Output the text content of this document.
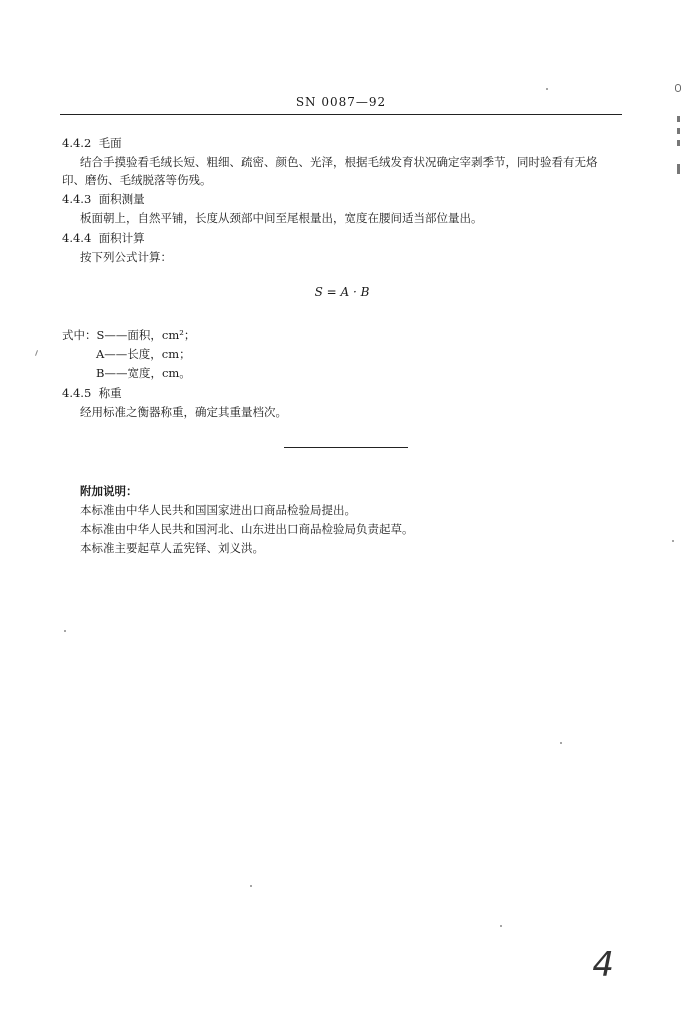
SN 0087—92
4.4.2 毛面
结合手摸验看毛绒长短、粗细、疏密、颜色、光泽，根据毛绒发育状况确定宰剥季节，同时验看有无烙
印、磨伤、毛绒脱落等伤残。
4.4.3 面积测量
板面朝上，自然平铺，长度从颈部中间至尾根量出，宽度在腰间适当部位量出。
4.4.4 面积计算
按下列公式计算：
S = A · B
式中：S——面积，cm²；
A——长度，cm；
B——宽度，cm。
4.4.5 称重
经用标准之衡器称重，确定其重量档次。
附加说明：
本标准由中华人民共和国国家进出口商品检验局提出。
本标准由中华人民共和国河北、山东进出口商品检验局负责起草。
本标准主要起草人孟宪铎、刘义洪。
4
